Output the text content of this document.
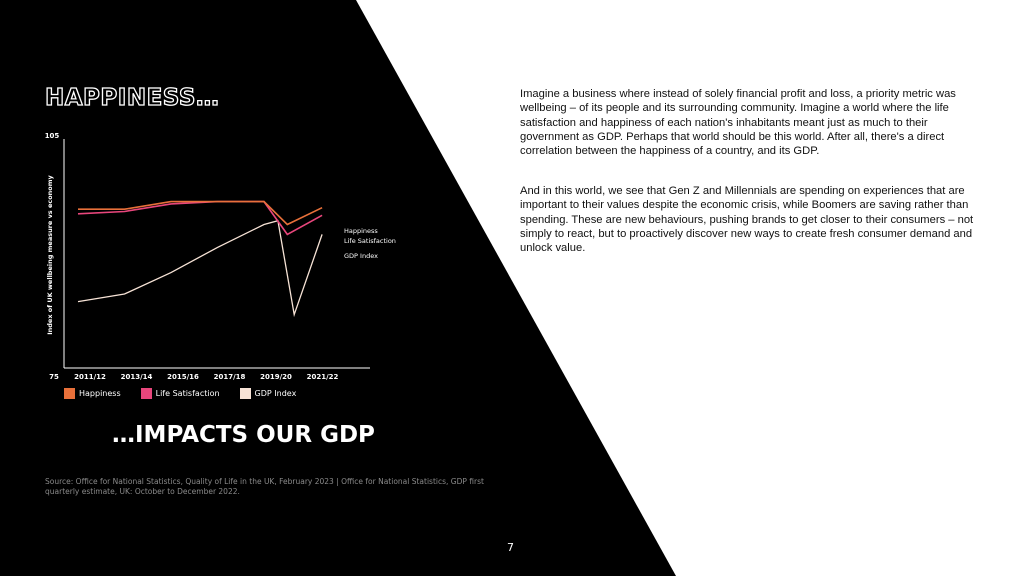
HAPPINESS…
105
75
Index of UK wellbeing measure vs economy
2011/12 2013/14 2015/16 2017/18 2019/20 2021/22
Happiness
Life Satisfaction
GDP Index
Happiness	Life Satisfaction	GDP Index
…IMPACTS OUR GDP

Source: Office for National Statistics, Quality of Life in the UK, February 2023 | Office for National Statistics, GDP first quarterly estimate, UK: October to December 2022.

7

Imagine a business where instead of solely financial profit and loss, a priority metric was wellbeing – of its people and its surrounding community. Imagine a world where the life satisfaction and happiness of each nation's inhabitants meant just as much to their government as GDP. Perhaps that world should be this world. After all, there's a direct correlation between the happiness of a country, and its GDP.

And in this world, we see that Gen Z and Millennials are spending on experiences that are important to their values despite the economic crisis, while Boomers are saving rather than spending. These are new behaviours, pushing brands to get closer to their consumers – not simply to react, but to proactively discover new ways to create fresh consumer demand and unlock value.
